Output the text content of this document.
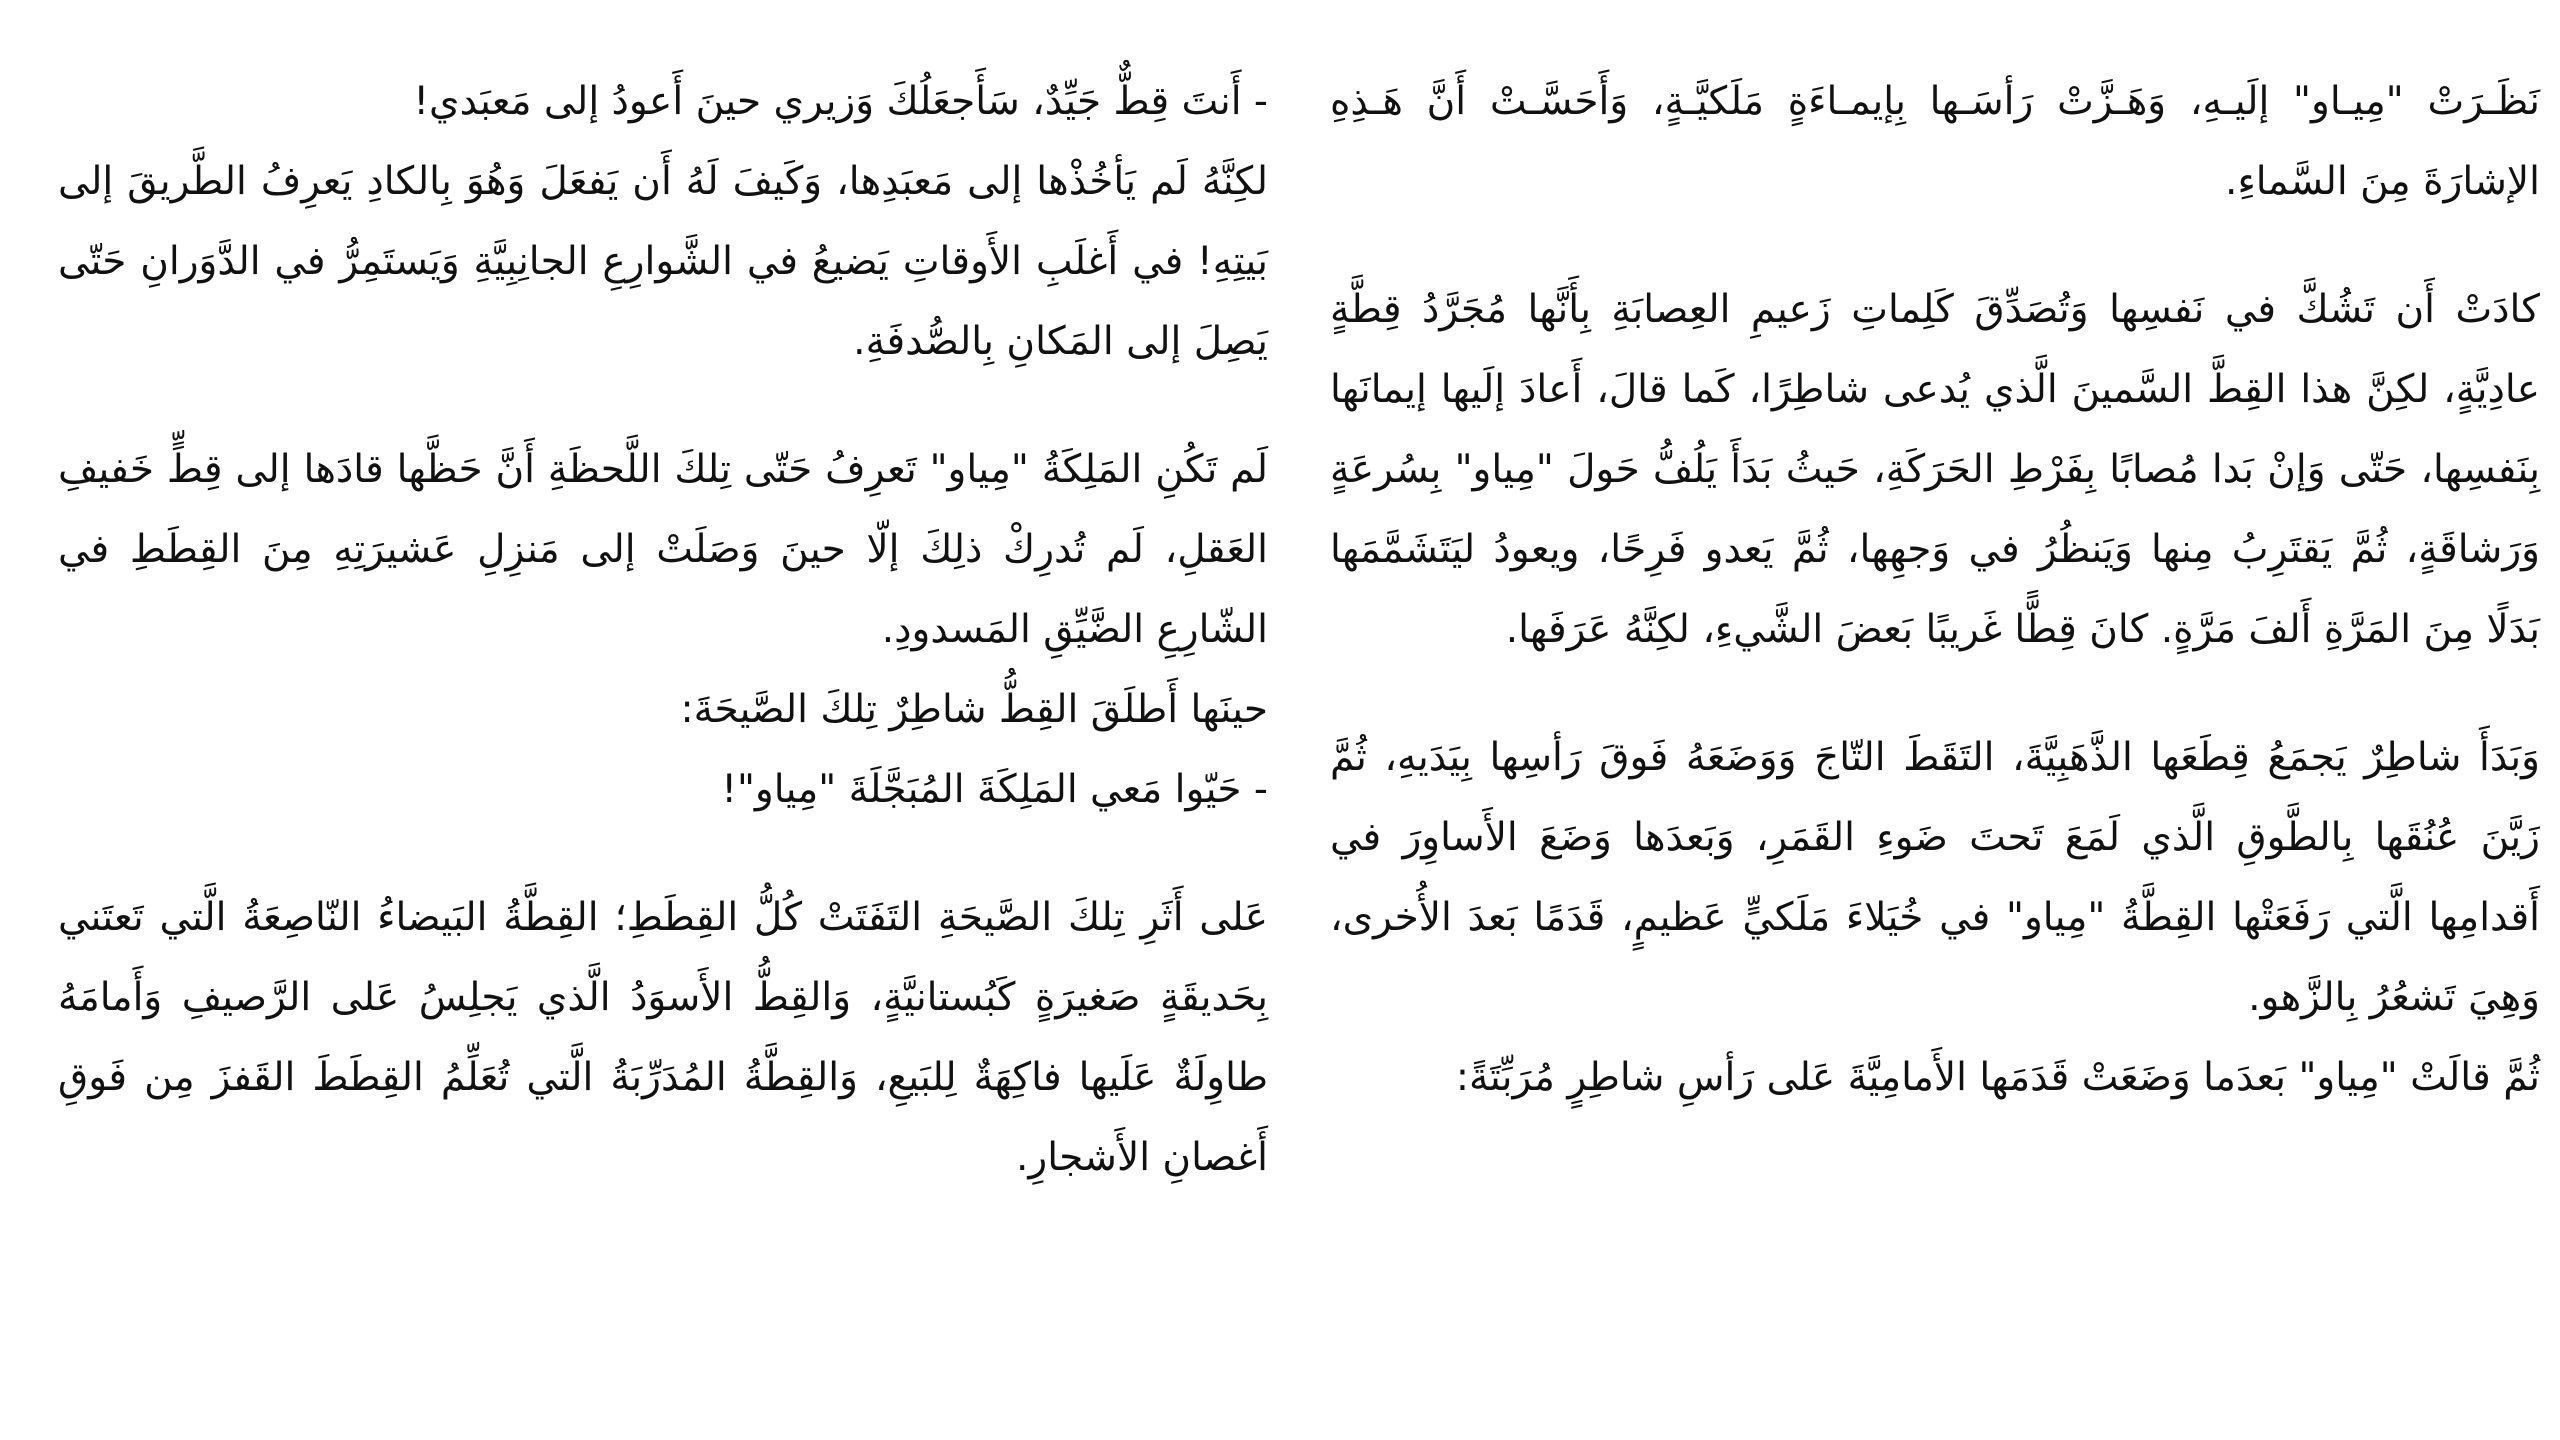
نَظَـرَتْ "مِيـاو" إلَيـهِ، وَهَـزَّتْ رَأسَـها بِإيمـاءَةٍ مَلَكيَّـةٍ، وَأَحَسَّـتْ أَنَّ هَـذِهِ الإشارَةَ مِنَ السَّماءِ.

كادَتْ أَن تَشُكَّ في نَفسِها وَتُصَدِّقَ كَلِماتِ زَعيمِ العِصابَةِ بِأَنَّها مُجَرَّدُ قِطَّةٍ عادِيَّةٍ، لكِنَّ هذا القِطَّ السَّمينَ الَّذي يُدعى شاطِرًا، كَما قالَ، أَعادَ إلَيها إيمانَها بِنَفسِها، حَتّى وَإنْ بَدا مُصابًا بِفَرْطِ الحَرَكَةِ، حَيثُ بَدَأَ يَلُفُّ حَولَ "مِياو" بِسُرعَةٍ وَرَشاقَةٍ، ثُمَّ يَقتَرِبُ مِنها وَيَنظُرُ في وَجهِها، ثُمَّ يَعدو فَرِحًا، ويعودُ ليَتَشَمَّمَها بَدَلًا مِنَ المَرَّةِ أَلفَ مَرَّةٍ. كانَ قِطًّا غَريبًا بَعضَ الشَّيءِ، لكِنَّهُ عَرَفَها.

وَبَدَأَ شاطِرٌ يَجمَعُ قِطَعَها الذَّهَبِيَّةَ، التَقَطَ التّاجَ وَوَضَعَهُ فَوقَ رَأسِها بِيَدَيهِ، ثُمَّ زَيَّنَ عُنُقَها بِالطَّوقِ الَّذي لَمَعَ تَحتَ ضَوءِ القَمَرِ، وَبَعدَها وَضَعَ الأَساوِرَ في أَقدامِها الَّتي رَفَعَتْها القِطَّةُ "مِياو" في خُيَلاءَ مَلَكيٍّ عَظيمٍ، قَدَمًا بَعدَ الأُخرى، وَهِيَ تَشعُرُ بِالزَّهو.

ثُمَّ قالَتْ "مِياو" بَعدَما وَضَعَتْ قَدَمَها الأَمامِيَّةَ عَلى رَأسِ شاطِرٍ مُرَبِّتَةً:

- أَنتَ قِطٌّ جَيِّدٌ، سَأَجعَلُكَ وَزيري حينَ أَعودُ إلى مَعبَدي!

لكِنَّهُ لَم يَأخُذْها إلى مَعبَدِها، وَكَيفَ لَهُ أَن يَفعَلَ وَهُوَ بِالكادِ يَعرِفُ الطَّريقَ إلى بَيتِهِ! في أَغلَبِ الأَوقاتِ يَضيعُ في الشَّوارِعِ الجانِبِيَّةِ وَيَستَمِرُّ في الدَّوَرانِ حَتّى يَصِلَ إلى المَكانِ بِالصُّدفَةِ.

لَم تَكُنِ المَلِكَةُ "مِياو" تَعرِفُ حَتّى تِلكَ اللَّحظَةِ أَنَّ حَظَّها قادَها إلى قِطٍّ خَفيفِ العَقلِ، لَم تُدرِكْ ذلِكَ إلّا حينَ وَصَلَتْ إلى مَنزِلِ عَشيرَتِهِ مِنَ القِطَطِ في الشّارِعِ الضَّيِّقِ المَسدودِ.

حينَها أَطلَقَ القِطُّ شاطِرٌ تِلكَ الصَّيحَةَ:

- حَيّوا مَعي المَلِكَةَ المُبَجَّلَةَ "مِياو"!

عَلى أَثَرِ تِلكَ الصَّيحَةِ التَفَتَتْ كُلُّ القِطَطِ؛ القِطَّةُ البَيضاءُ النّاصِعَةُ الَّتي تَعتَني بِحَديقَةٍ صَغيرَةٍ كَبُستانيَّةٍ، وَالقِطُّ الأَسوَدُ الَّذي يَجلِسُ عَلى الرَّصيفِ وَأَمامَهُ طاوِلَةٌ عَلَيها فاكِهَةٌ لِلبَيعِ، وَالقِطَّةُ المُدَرِّبَةُ الَّتي تُعَلِّمُ القِطَطَ القَفزَ مِن فَوقِ أَغصانِ الأَشجارِ.
